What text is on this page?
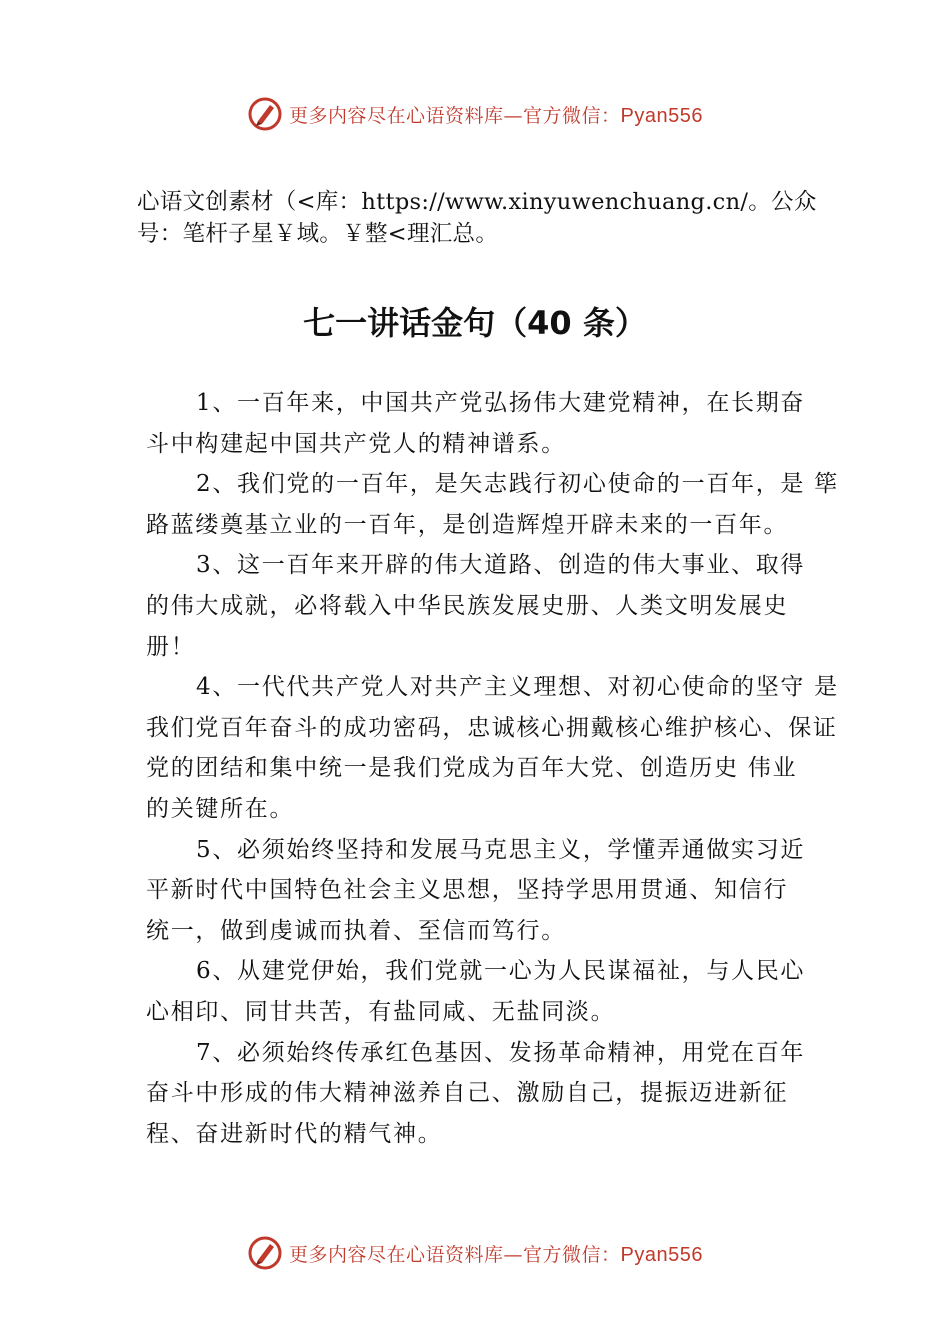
更多内容尽在心语资料库—官方微信：Pyan556
心语文创素材（<库：https://www.xinyuwenchuang.cn/。公众
号：笔杆子星￥域。￥整<理汇总。
七一讲话金句（40 条）

1、一百年来，中国共产党弘扬伟大建党精神，在长期奋
斗中构建起中国共产党人的精神谱系。

2、我们党的一百年，是矢志践行初心使命的一百年，是 筚
路蓝缕奠基立业的一百年，是创造辉煌开辟未来的一百年。

3、这一百年来开辟的伟大道路、创造的伟大事业、取得
的伟大成就，必将载入中华民族发展史册、人类文明发展史
册！

4、一代代共产党人对共产主义理想、对初心使命的坚守 是
我们党百年奋斗的成功密码，忠诚核心拥戴核心维护核心、保证
党的团结和集中统一是我们党成为百年大党、创造历史 伟业
的关键所在。

5、必须始终坚持和发展马克思主义，学懂弄通做实习近
平新时代中国特色社会主义思想，坚持学思用贯通、知信行
统一，做到虔诚而执着、至信而笃行。

6、从建党伊始，我们党就一心为人民谋福祉，与人民心
心相印、同甘共苦，有盐同咸、无盐同淡。

7、必须始终传承红色基因、发扬革命精神，用党在百年
奋斗中形成的伟大精神滋养自己、激励自己，提振迈进新征
程、奋进新时代的精气神。

更多内容尽在心语资料库—官方微信：Pyan556
